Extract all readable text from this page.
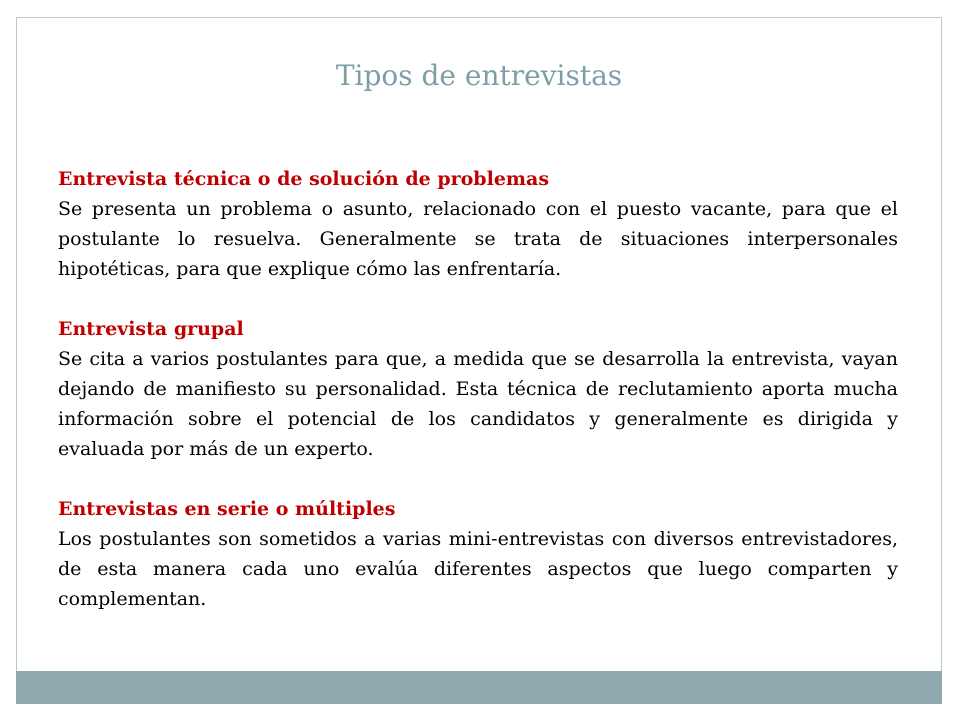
Tipos de entrevistas

Entrevista técnica o de solución de problemas

Se presenta un problema o asunto, relacionado con el puesto vacante, para que el postulante lo resuelva. Generalmente se trata de situaciones interpersonales hipotéticas, para que explique cómo las enfrentaría.

Entrevista grupal

Se cita a varios postulantes para que, a medida que se desarrolla la entrevista, vayan dejando de manifiesto su personalidad. Esta técnica de reclutamiento aporta mucha información sobre el potencial de los candidatos y generalmente es dirigida y evaluada por más de un experto.

Entrevistas en serie o múltiples

Los postulantes son sometidos a varias mini-entrevistas con diversos entrevistadores, de esta manera cada uno evalúa diferentes aspectos que luego comparten y complementan.
